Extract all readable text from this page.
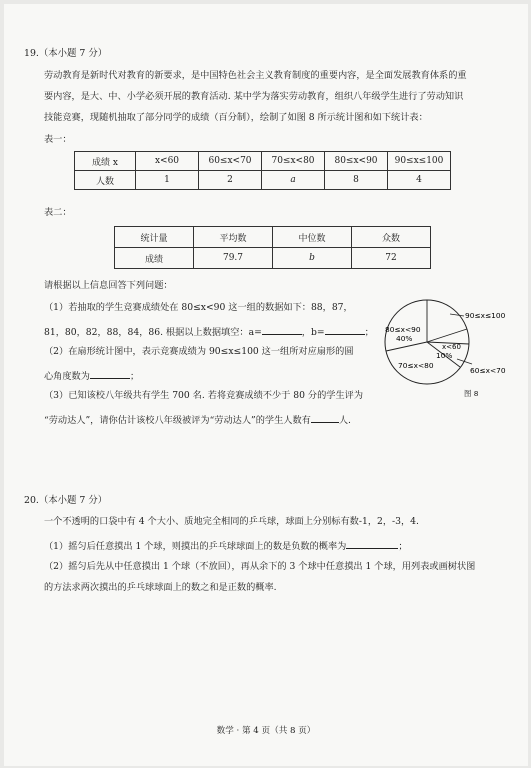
19.（本小题 7 分）
劳动教育是新时代对教育的新要求，是中国特色社会主义教育制度的重要内容，是全面发展教育体系的重
要内容，是大、中、小学必须开展的教育活动. 某中学为落实劳动教育，组织八年级学生进行了劳动知识
技能竞赛，现随机抽取了部分同学的成绩（百分制），绘制了如图 8 所示统计图和如下统计表：
表一：
成绩 x	x<60	60≤x<70	70≤x<80	80≤x<90	90≤x≤100
人数	1	2	a	8	4
表二：
统计量	平均数	中位数	众数
成绩	79.7	b	72
请根据以上信息回答下列问题：
（1）若抽取的学生竞赛成绩处在 80≤x<90 这一组的数据如下：88，87，
81，80，82，88，84，86. 根据以上数据填空：a=	，b=	；
（2）在扇形统计图中，表示竞赛成绩为 90≤x≤100 这一组所对应扇形的圆
心角度数为	；
（3）已知该校八年级共有学生 700 名. 若将竞赛成绩不少于 80 分的学生评为
“劳动达人”，请你估计该校八年级被评为“劳动达人”的学生人数有	人.
90≤x≤100
80≤x<90
40%
x<60
10%
70≤x<80
60≤x<70
图 8
20.（本小题 7 分）
一个不透明的口袋中有 4 个大小、质地完全相同的乒乓球，球面上分别标有数-1，2，-3，4.
（1）摇匀后任意摸出 1 个球，则摸出的乒乓球球面上的数是负数的概率为	；
（2）摇匀后先从中任意摸出 1 个球（不放回），再从余下的 3 个球中任意摸出 1 个球，用列表或画树状图
的方法求两次摸出的乒乓球球面上的数之和是正数的概率.
数学 · 第 4 页（共 8 页）
